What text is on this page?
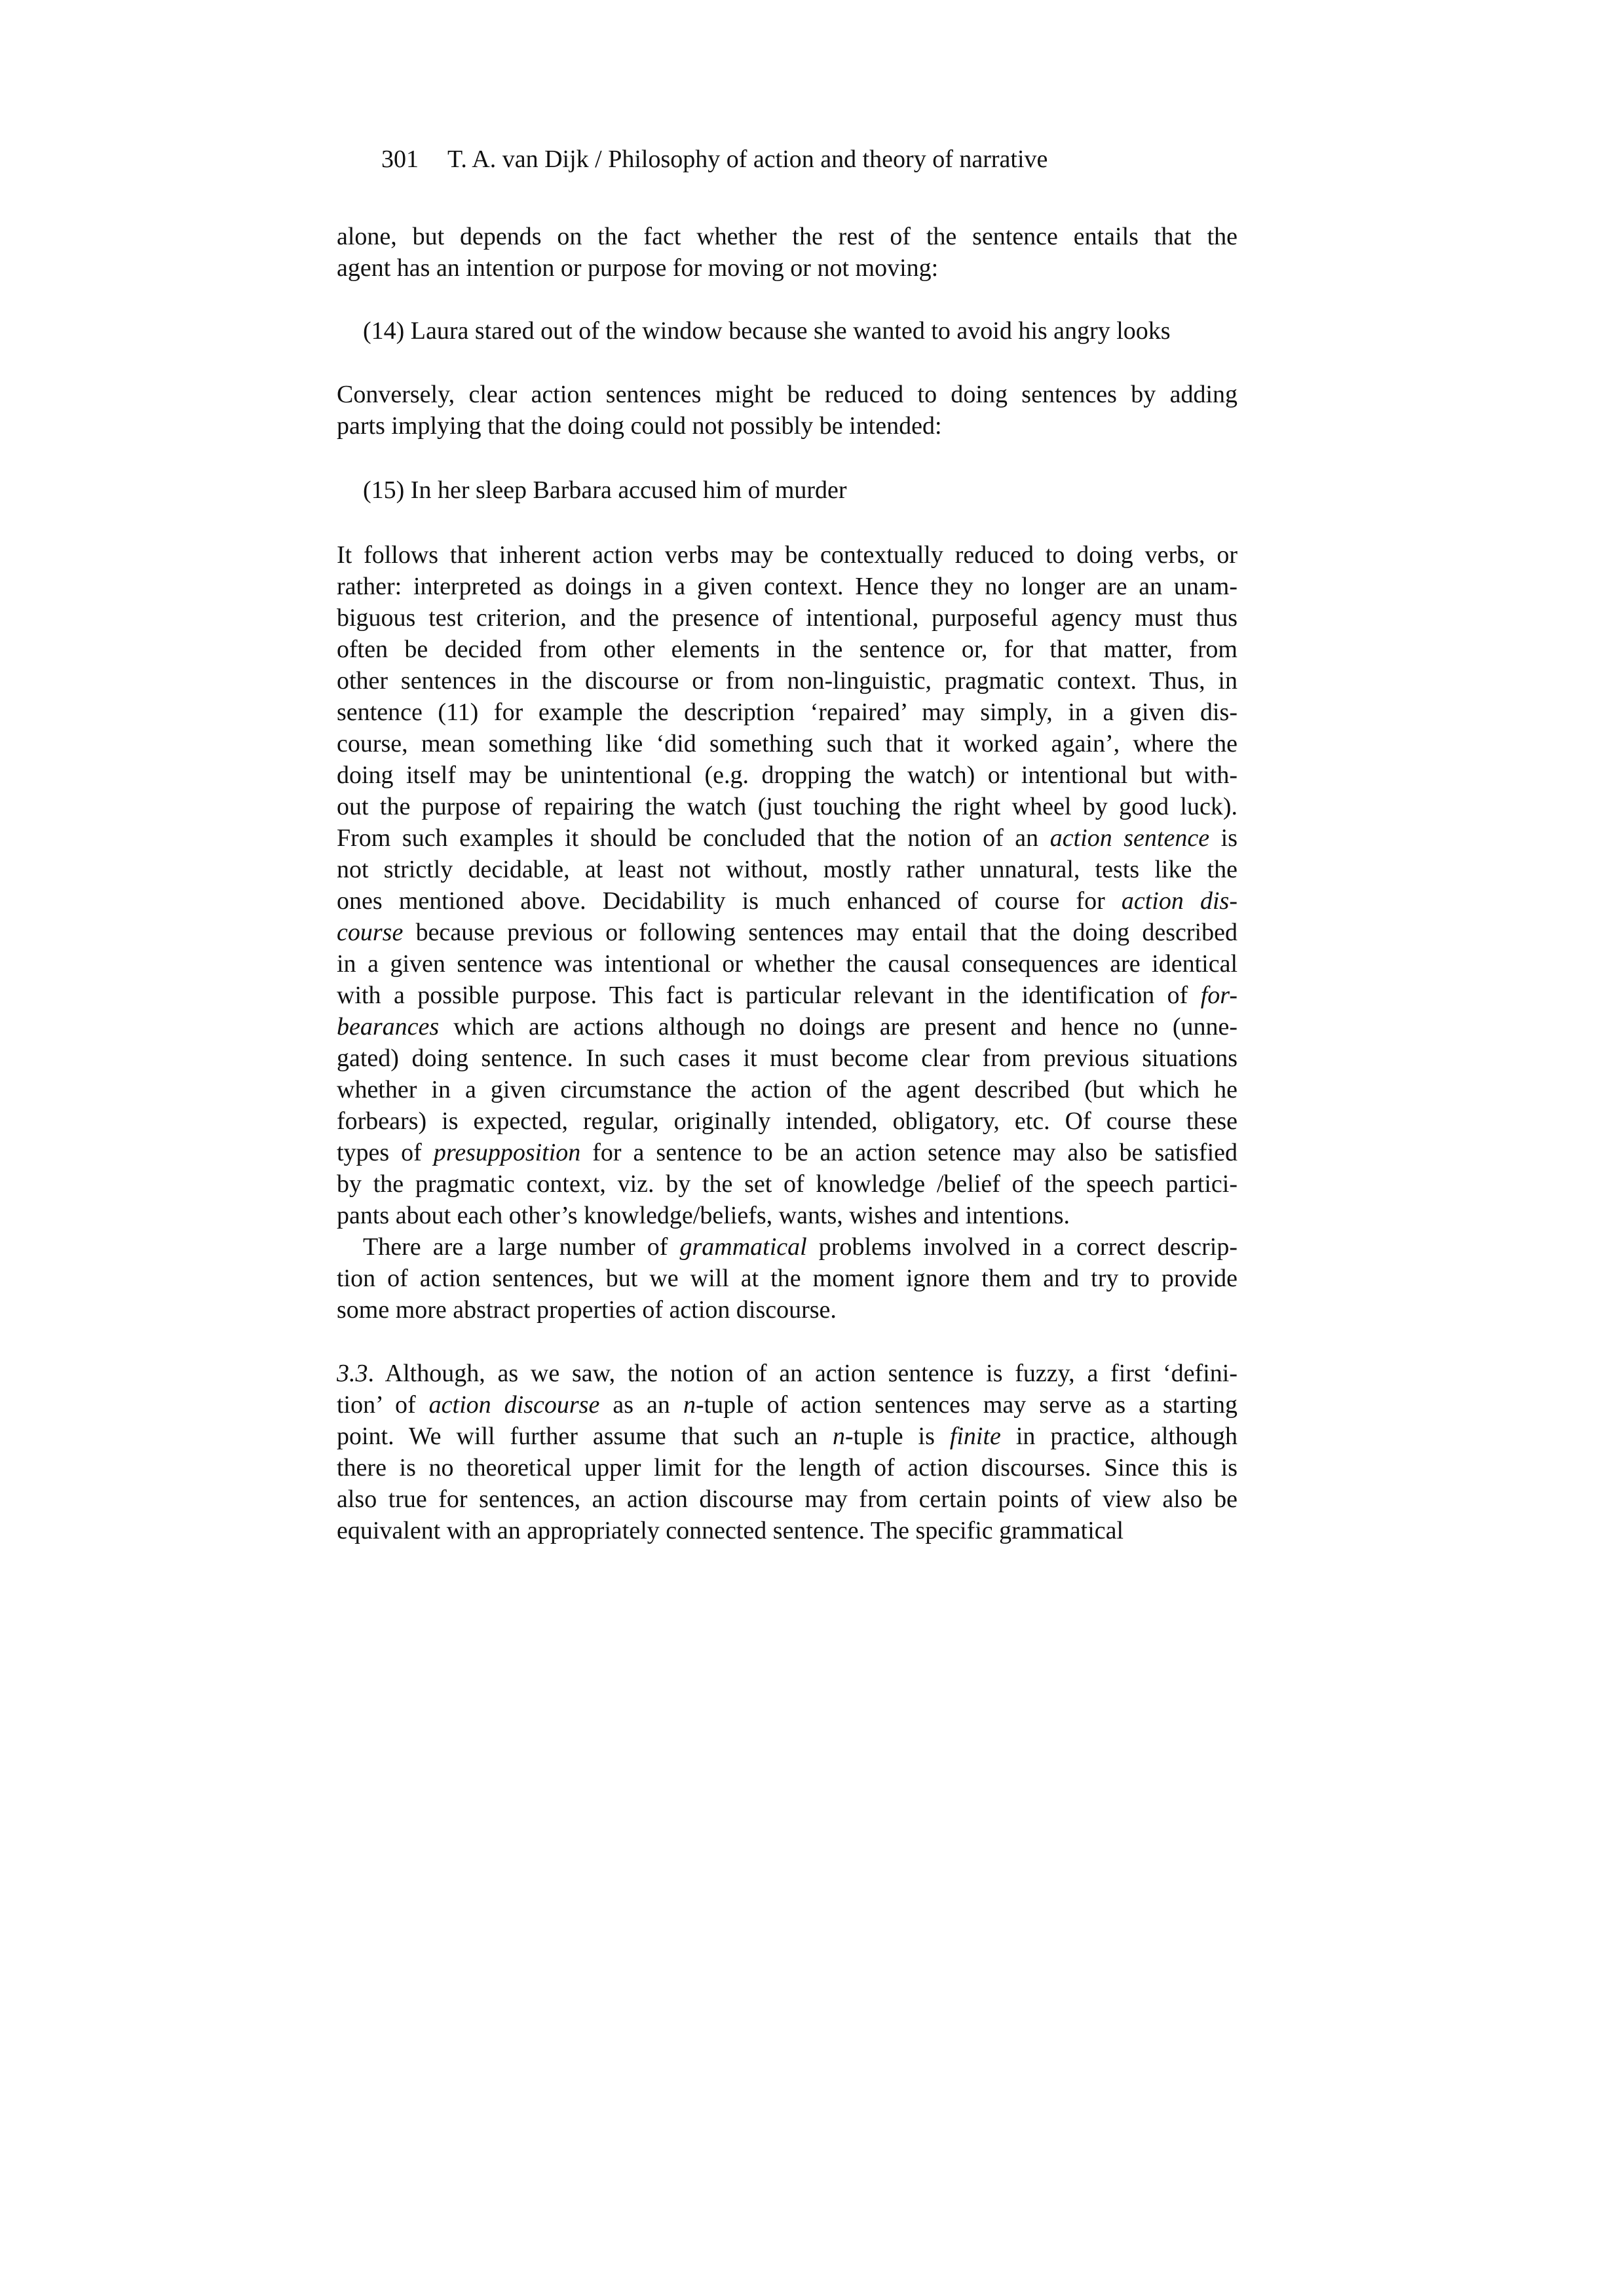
301 T. A. van Dijk / Philosophy of action and theory of narrative
alone, but depends on the fact whether the rest of the sentence entails that the
agent has an intention or purpose for moving or not moving:
(14) Laura stared out of the window because she wanted to avoid his angry looks
Conversely, clear action sentences might be reduced to doing sentences by adding
parts implying that the doing could not possibly be intended:
(15) In her sleep Barbara accused him of murder
It follows that inherent action verbs may be contextually reduced to doing verbs, or
rather: interpreted as doings in a given context. Hence they no longer are an unam-
biguous test criterion, and the presence of intentional, purposeful agency must thus
often be decided from other elements in the sentence or, for that matter, from
other sentences in the discourse or from non-linguistic, pragmatic context. Thus, in
sentence (11) for example the description ‘repaired’ may simply, in a given dis-
course, mean something like ‘did something such that it worked again’, where the
doing itself may be unintentional (e.g. dropping the watch) or intentional but with-
out the purpose of repairing the watch (just touching the right wheel by good luck).
From such examples it should be concluded that the notion of an action sentence is
not strictly decidable, at least not without, mostly rather unnatural, tests like the
ones mentioned above. Decidability is much enhanced of course for action dis-
course because previous or following sentences may entail that the doing described
in a given sentence was intentional or whether the causal consequences are identical
with a possible purpose. This fact is particular relevant in the identification of for-
bearances which are actions although no doings are present and hence no (unne-
gated) doing sentence. In such cases it must become clear from previous situations
whether in a given circumstance the action of the agent described (but which he
forbears) is expected, regular, originally intended, obligatory, etc. Of course these
types of presupposition for a sentence to be an action setence may also be satisfied
by the pragmatic context, viz. by the set of knowledge /belief of the speech partici-
pants about each other’s knowledge/beliefs, wants, wishes and intentions.
There are a large number of grammatical problems involved in a correct descrip-
tion of action sentences, but we will at the moment ignore them and try to provide
some more abstract properties of action discourse.
3.3. Although, as we saw, the notion of an action sentence is fuzzy, a first ‘defini-
tion’ of action discourse as an n-tuple of action sentences may serve as a starting
point. We will further assume that such an n-tuple is finite in practice, although
there is no theoretical upper limit for the length of action discourses. Since this is
also true for sentences, an action discourse may from certain points of view also be
equivalent with an appropriately connected sentence. The specific grammatical
